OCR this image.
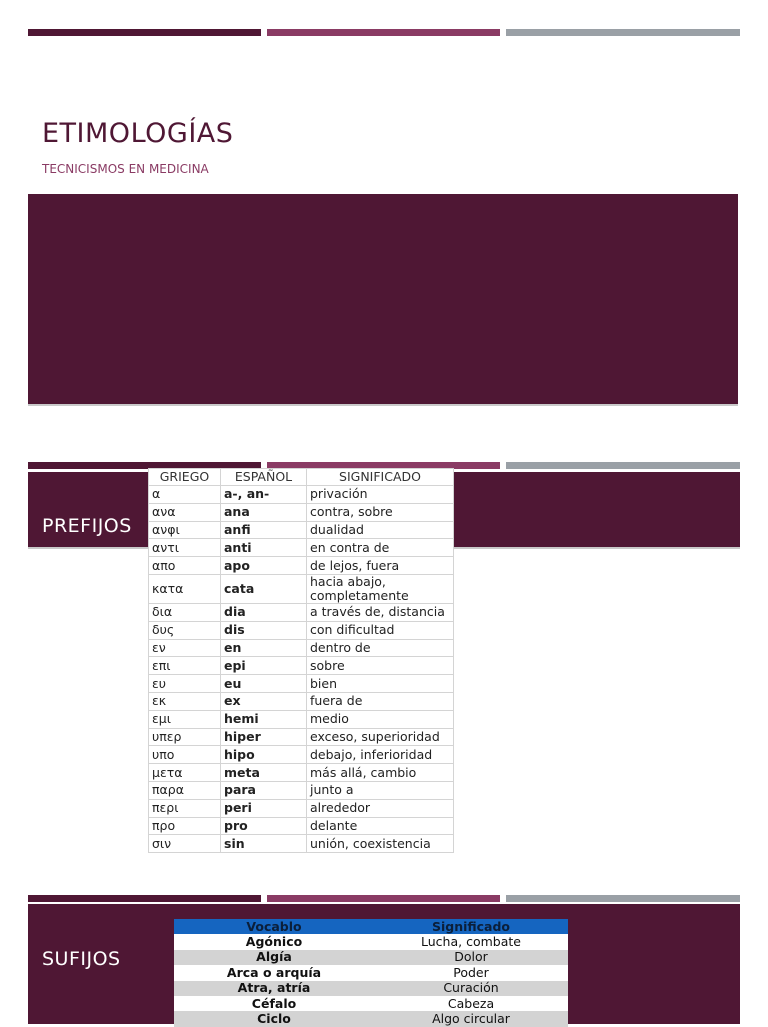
ETIMOLOGÍAS
TECNICISMOS EN MEDICINA
PREFIJOS
GRIEGO	ESPAÑOL	SIGNIFICADO
α	a-, an-	privación
ανα	ana	contra, sobre
ανφι	anfi	dualidad
αντι	anti	en contra de
απο	apo	de lejos, fuera
κατα	cata	hacia abajo, completamente
δια	dia	a través de, distancia
δυς	dis	con dificultad
εν	en	dentro de
επι	epi	sobre
ευ	eu	bien
εκ	ex	fuera de
εμι	hemi	medio
υπερ	hiper	exceso, superioridad
υπο	hipo	debajo, inferioridad
μετα	meta	más allá, cambio
παρα	para	junto a
περι	peri	alrededor
προ	pro	delante
σιν	sin	unión, coexistencia
SUFIJOS
Vocablo	Significado
Agónico	Lucha, combate
Algía	Dolor
Arca o arquía	Poder
Atra, atría	Curación
Céfalo	Cabeza
Ciclo	Algo circular
